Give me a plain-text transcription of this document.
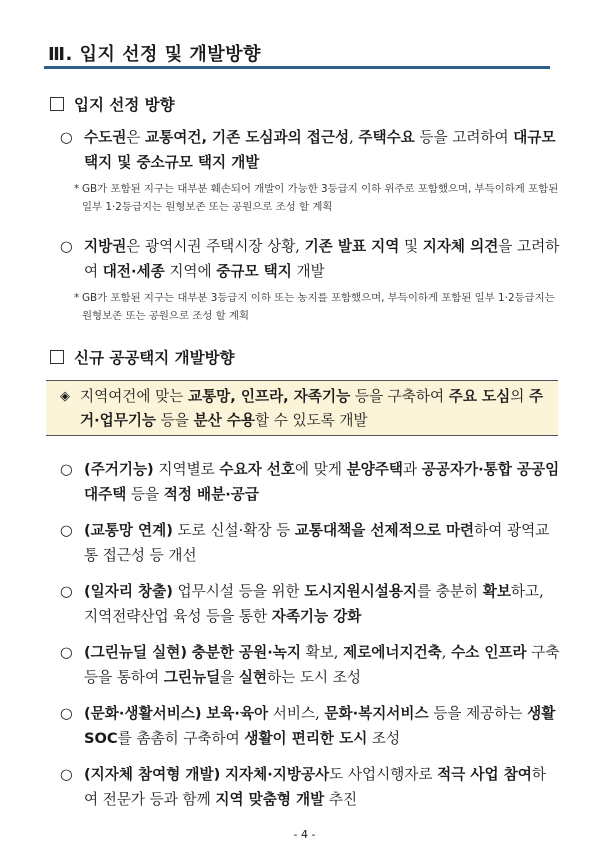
Ⅲ. 입지 선정 및 개발방향
입지 선정 방향
○ 수도권은 교통여건, 기존 도심과의 접근성, 주택수요 등을 고려하여 대규모 택지 및 중소규모 택지 개발
* GB가 포함된 지구는 대부분 훼손되어 개발이 가능한 3등급지 이하 위주로 포함했으며, 부득이하게 포함된 일부 1·2등급지는 원형보존 또는 공원으로 조성 할 계획
○ 지방권은 광역시권 주택시장 상황, 기존 발표 지역 및 지자체 의견을 고려하여 대전·세종 지역에 중규모 택지 개발
* GB가 포함된 지구는 대부분 3등급지 이하 또는 농지를 포함했으며, 부득이하게 포함된 일부 1·2등급지는 원형보존 또는 공원으로 조성 할 계획
신규 공공택지 개발방향
◈ 지역여건에 맞는 교통망, 인프라, 자족기능 등을 구축하여 주요 도심의 주거·업무기능 등을 분산 수용할 수 있도록 개발
○ (주거기능) 지역별로 수요자 선호에 맞게 분양주택과 공공자가·통합 공공임대주택 등을 적정 배분·공급
○ (교통망 연계) 도로 신설·확장 등 교통대책을 선제적으로 마련하여 광역교통 접근성 등 개선
○ (일자리 창출) 업무시설 등을 위한 도시지원시설용지를 충분히 확보하고, 지역전략산업 육성 등을 통한 자족기능 강화
○ (그린뉴딜 실현) 충분한 공원·녹지 확보, 제로에너지건축, 수소 인프라 구축 등을 통하여 그린뉴딜을 실현하는 도시 조성
○ (문화·생활서비스) 보육·육아 서비스, 문화·복지서비스 등을 제공하는 생활 SOC를 촘촘히 구축하여 생활이 편리한 도시 조성
○ (지자체 참여형 개발) 지자체·지방공사도 사업시행자로 적극 사업 참여하여 전문가 등과 함께 지역 맞춤형 개발 추진
- 4 -
